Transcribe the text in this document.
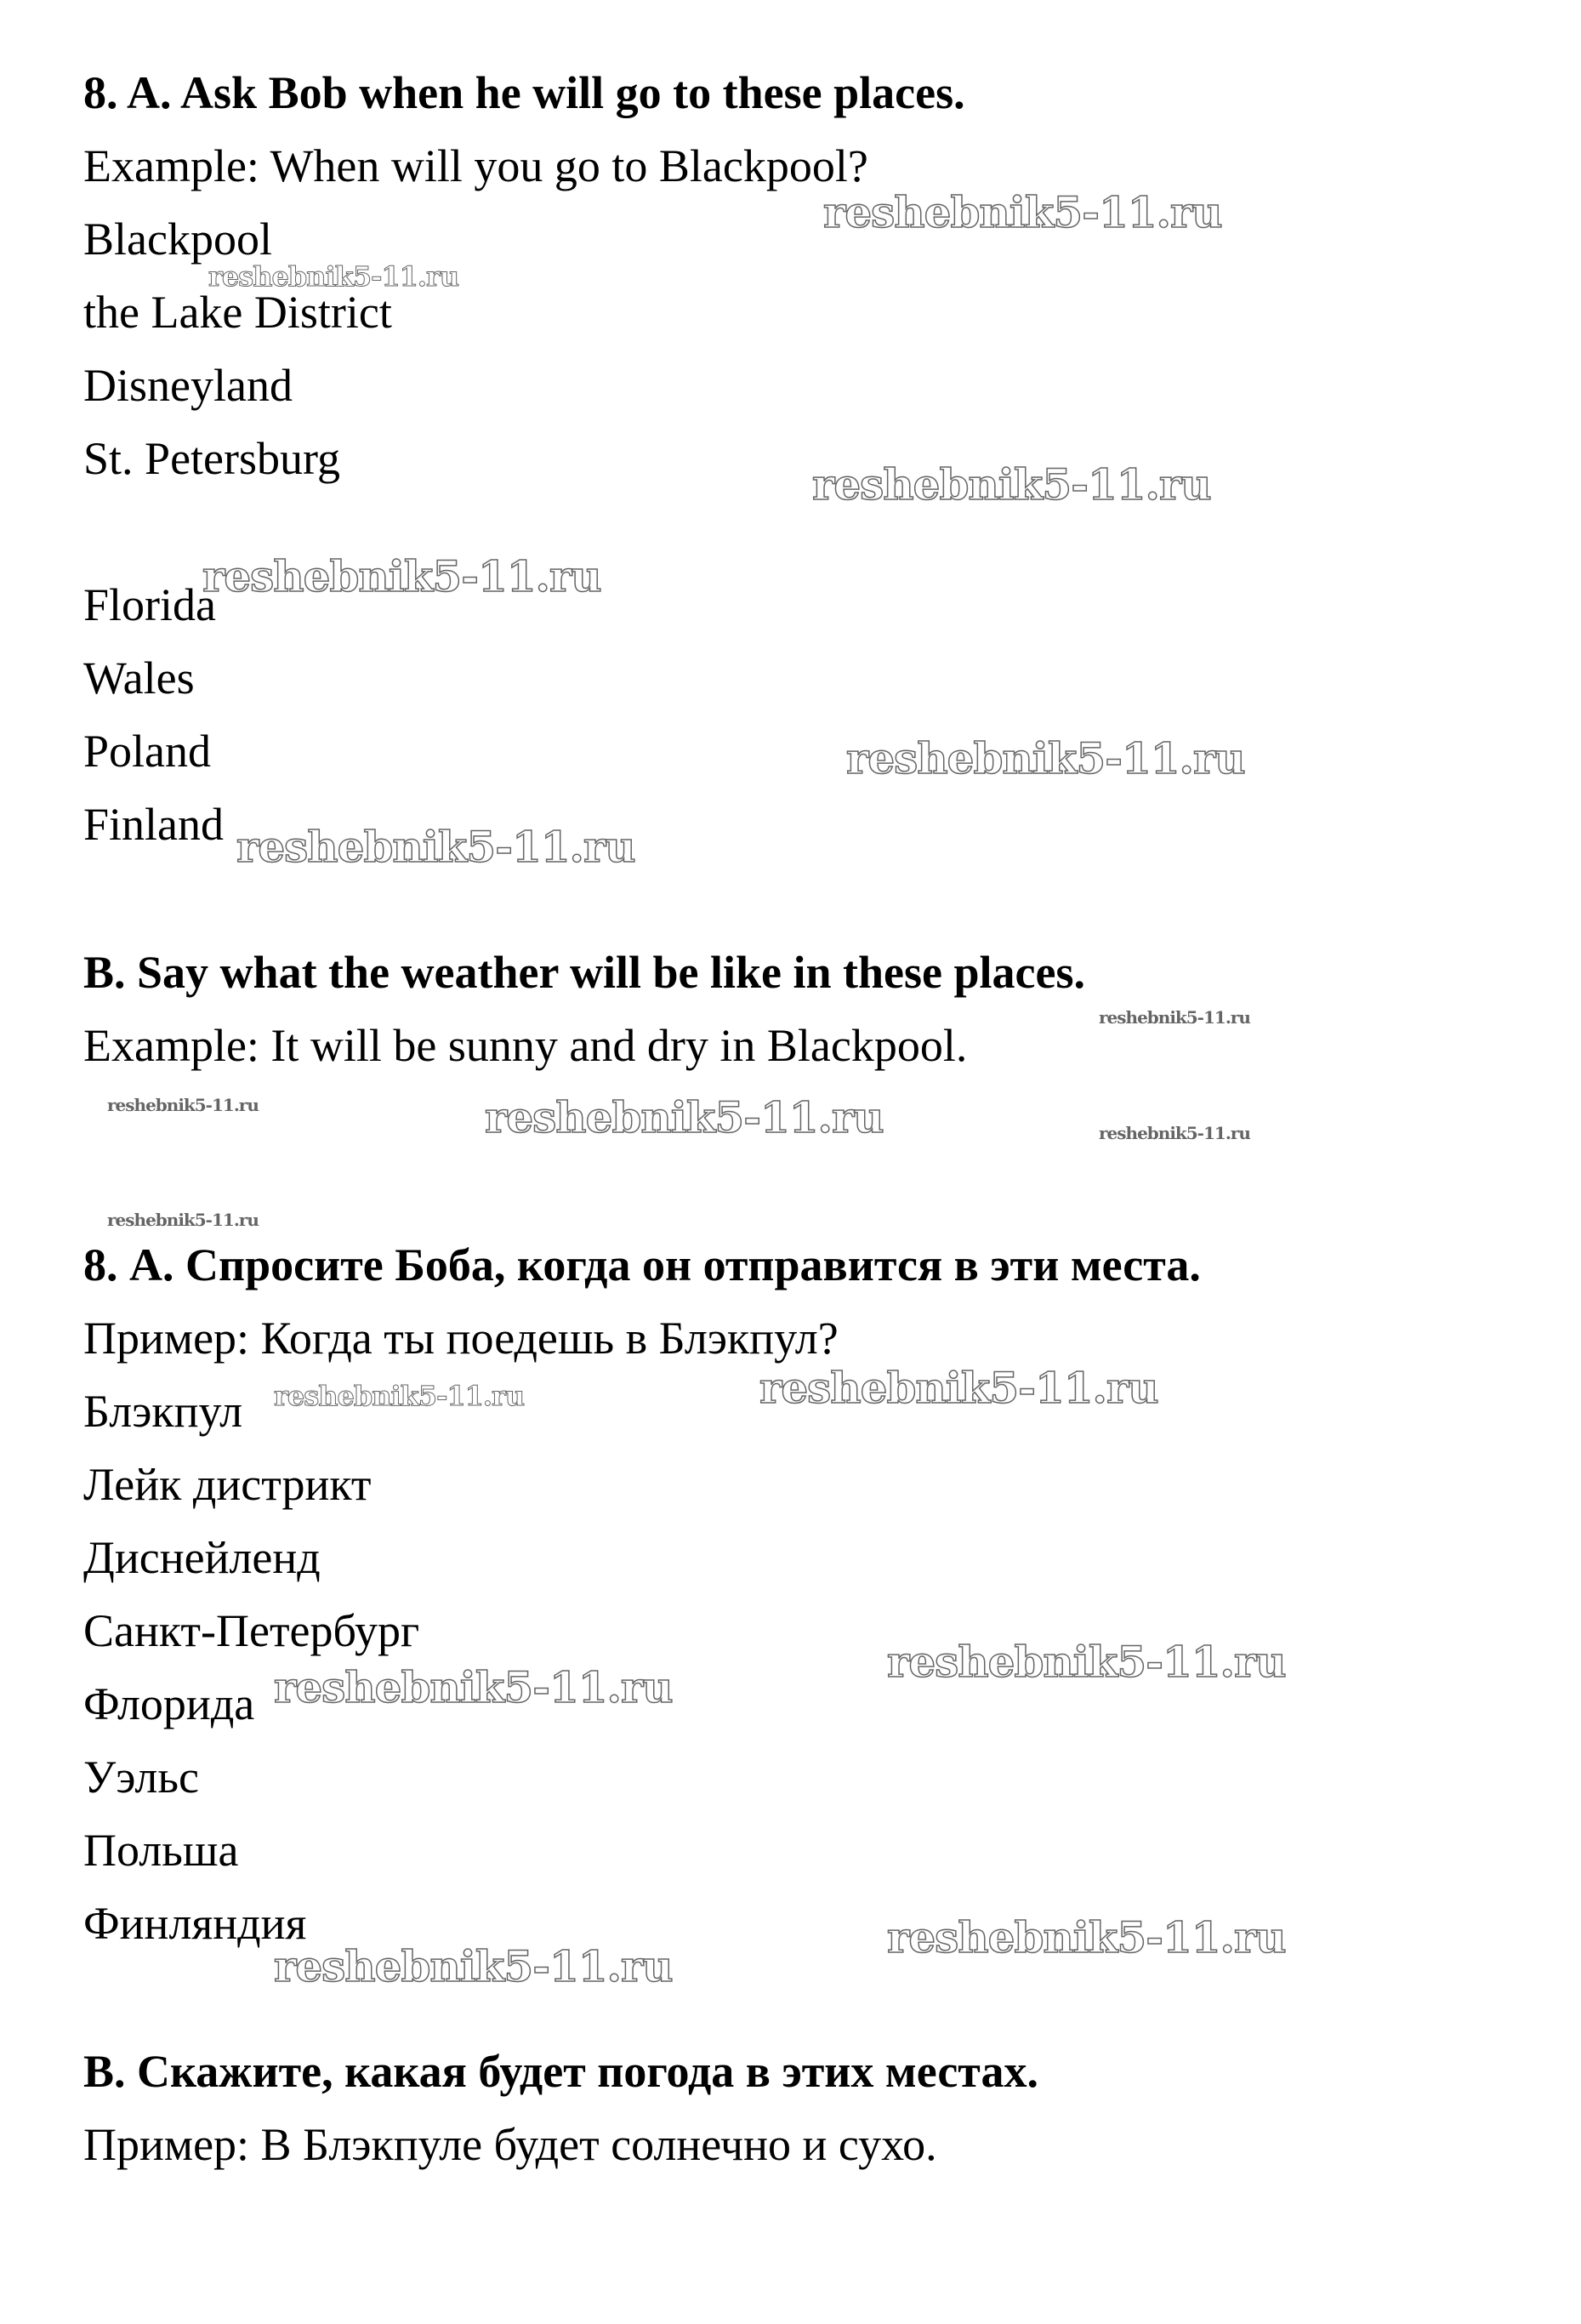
8. A. Ask Bob when he will go to these places.
Example: When will you go to Blackpool?
Blackpool
the Lake District
Disneyland
St. Petersburg
Florida
Wales
Poland
Finland
B. Say what the weather will be like in these places.
Example: It will be sunny and dry in Blackpool.
8. А. Спросите Боба, когда он отправится в эти места.
Пример: Когда ты поедешь в Блэкпул?
Блэкпул
Лейк дистрикт
Диснейленд
Санкт-Петербург
Флорида
Уэльс
Польша
Финляндия
В. Скажите, какая будет погода в этих местах.
Пример: В Блэкпуле будет солнечно и сухо.
reshebnik5-11.ru
reshebnik5-11.ru
reshebnik5-11.ru
reshebnik5-11.ru
reshebnik5-11.ru
reshebnik5-11.ru
reshebnik5-11.ru
reshebnik5-11.ru	reshebnik5-11.ru	reshebnik5-11.ru
reshebnik5-11.ru
reshebnik5-11.ru
reshebnik5-11.ru
reshebnik5-11.ru
reshebnik5-11.ru
reshebnik5-11.ru
reshebnik5-11.ru
